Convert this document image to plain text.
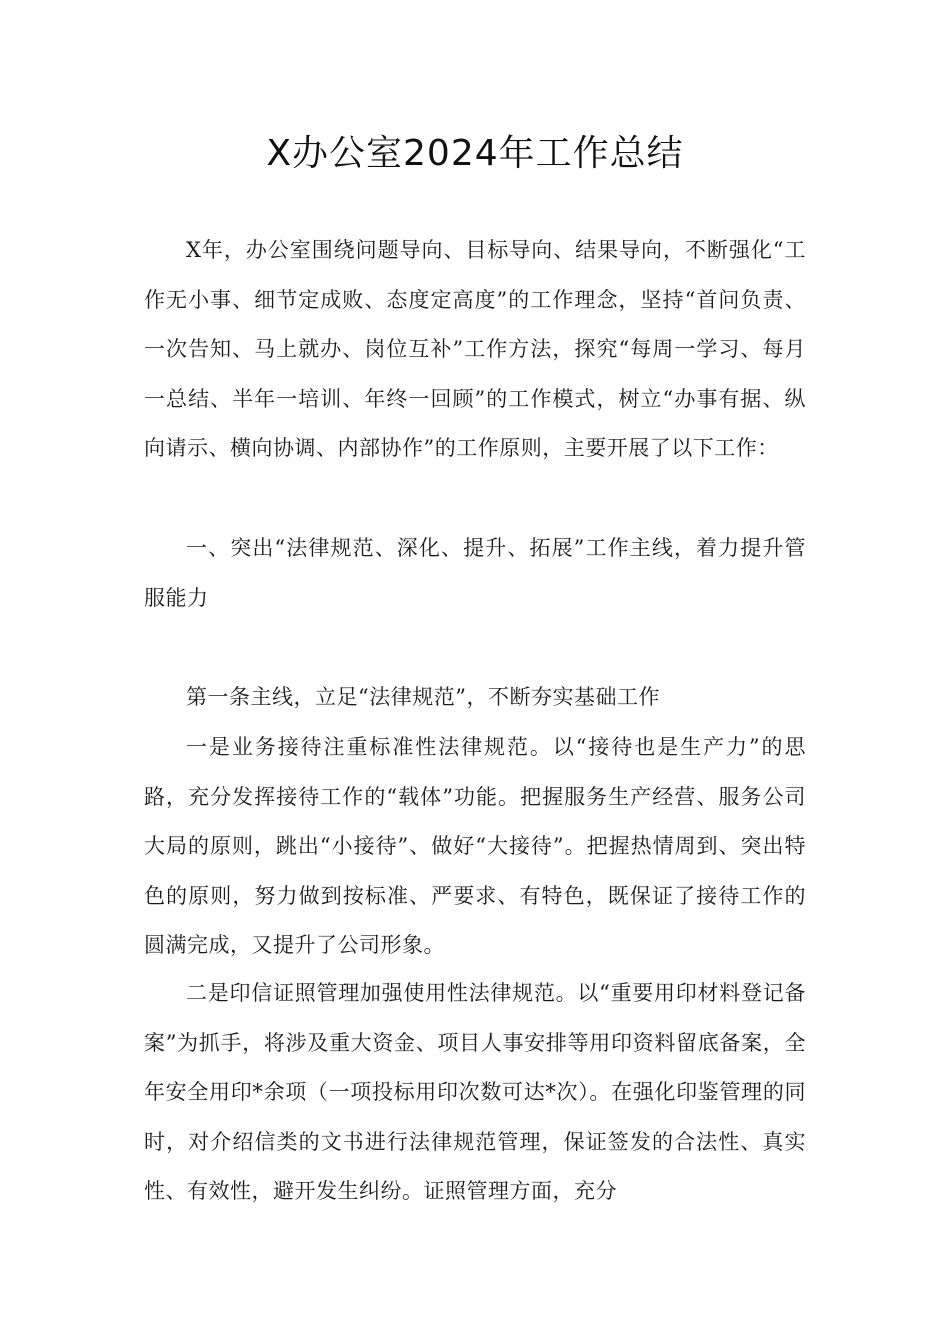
X办公室2024年工作总结

X年，办公室围绕问题导向、目标导向、结果导向，不断强化“工作无小事、细节定成败、态度定高度”的工作理念，坚持“首问负责、一次告知、马上就办、岗位互补”工作方法，探究“每周一学习、每月一总结、半年一培训、年终一回顾”的工作模式，树立“办事有据、纵向请示、横向协调、内部协作”的工作原则，主要开展了以下工作：

一、突出“法律规范、深化、提升、拓展”工作主线，着力提升管服能力

第一条主线，立足“法律规范”，不断夯实基础工作

一是业务接待注重标准性法律规范。以“接待也是生产力”的思路，充分发挥接待工作的“载体”功能。把握服务生产经营、服务公司大局的原则，跳出“小接待”、做好“大接待”。把握热情周到、突出特色的原则，努力做到按标准、严要求、有特色，既保证了接待工作的圆满完成，又提升了公司形象。

二是印信证照管理加强使用性法律规范。以“重要用印材料登记备案”为抓手，将涉及重大资金、项目人事安排等用印资料留底备案，全年安全用印*余项（一项投标用印次数可达*次）。在强化印鉴管理的同时，对介绍信类的文书进行法律规范管理，保证签发的合法性、真实性、有效性，避开发生纠纷。证照管理方面，充分
